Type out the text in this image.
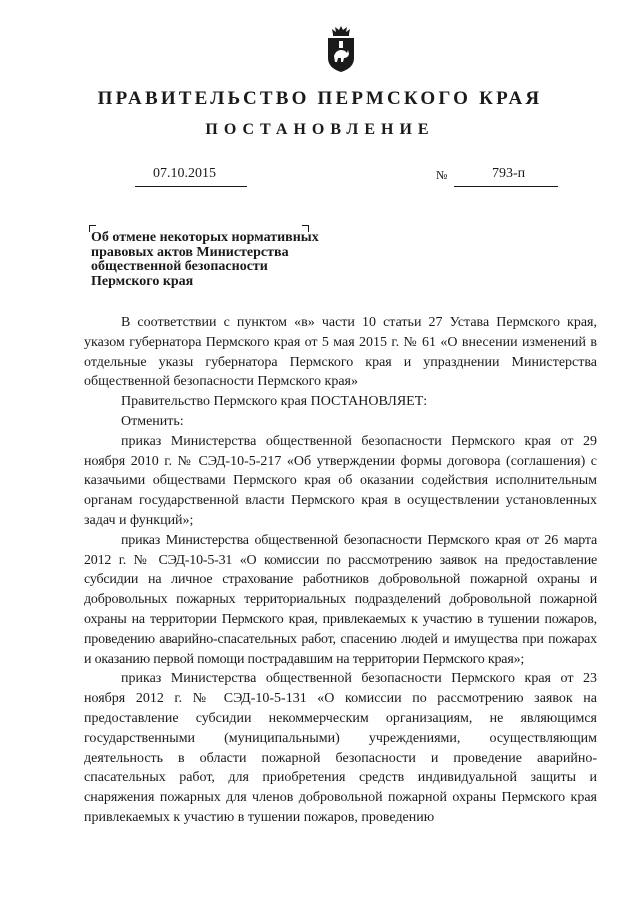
ПРАВИТЕЛЬСТВО ПЕРМСКОГО КРАЯ
ПОСТАНОВЛЕНИЕ
07.10.2015	№	793-п
Об отмене некоторых нормативных
правовых актов Министерства
общественной безопасности
Пермского края

В соответствии с пунктом «в» части 10 статьи 27 Устава Пермского края, указом губернатора Пермского края от 5 мая 2015 г. № 61 «О внесении изменений в отдельные указы губернатора Пермского края и упразднении Министерства общественной безопасности Пермского края»

Правительство Пермского края ПОСТАНОВЛЯЕТ:

Отменить:

приказ Министерства общественной безопасности Пермского края от 29 ноября 2010 г. № СЭД-10-5-217 «Об утверждении формы договора (соглашения) с казачьими обществами Пермского края об оказании содействия исполнительным органам государственной власти Пермского края в осуществлении установленных задач и функций»;

приказ Министерства общественной безопасности Пермского края от 26 марта 2012 г. № СЭД-10-5-31 «О комиссии по рассмотрению заявок на предоставление субсидии на личное страхование работников добровольной пожарной охраны и добровольных пожарных территориальных подразделений добровольной пожарной охраны на территории Пермского края, привлекаемых к участию в тушении пожаров, проведению аварийно-спасательных работ, спасению людей и имущества при пожарах и оказанию первой помощи пострадавшим на территории Пермского края»;

приказ Министерства общественной безопасности Пермского края от 23 ноября 2012 г. № СЭД-10-5-131 «О комиссии по рассмотрению заявок на предоставление субсидии некоммерческим организациям, не являющимся государственными (муниципальными) учреждениями, осуществляющим деятельность в области пожарной безопасности и проведение аварийно-спасательных работ, для приобретения средств индивидуальной защиты и снаряжения пожарных для членов добровольной пожарной охраны Пермского края привлекаемых к участию в тушении пожаров, проведению
